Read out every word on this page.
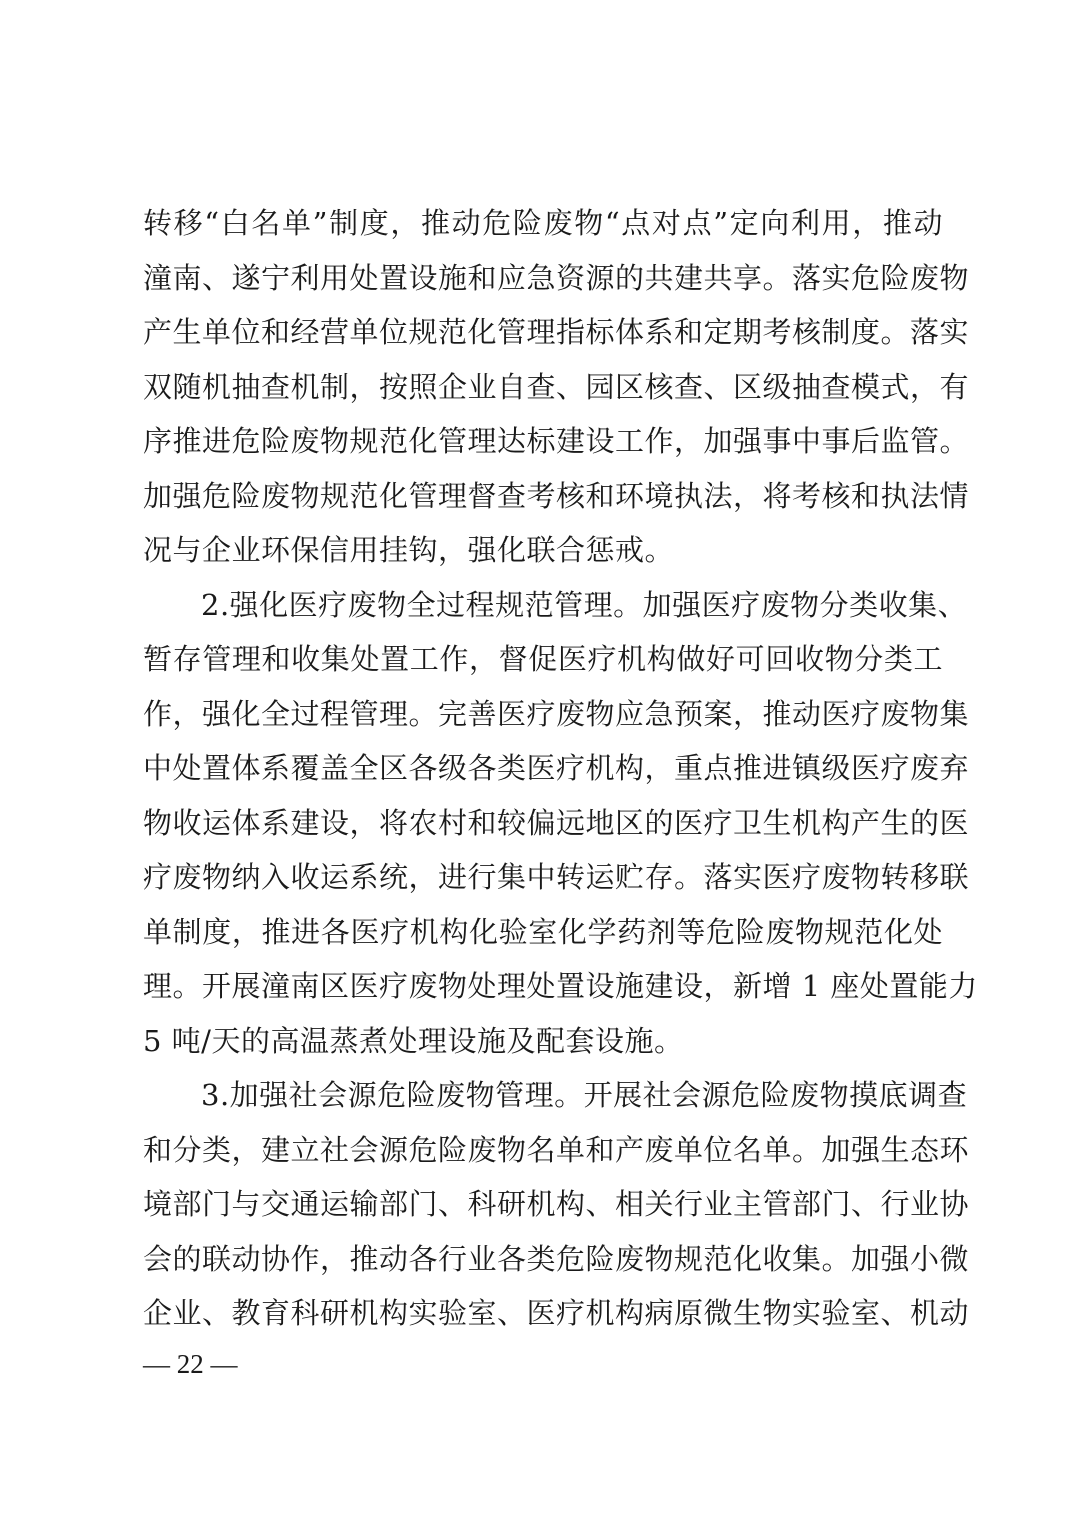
转移“白名单”制度，推动危险废物“点对点”定向利用，推动
潼南、遂宁利用处置设施和应急资源的共建共享。落实危险废物
产生单位和经营单位规范化管理指标体系和定期考核制度。落实
双随机抽查机制，按照企业自查、园区核查、区级抽查模式，有
序推进危险废物规范化管理达标建设工作，加强事中事后监管。
加强危险废物规范化管理督查考核和环境执法，将考核和执法情
况与企业环保信用挂钩，强化联合惩戒。
2.强化医疗废物全过程规范管理。加强医疗废物分类收集、
暂存管理和收集处置工作，督促医疗机构做好可回收物分类工
作，强化全过程管理。完善医疗废物应急预案，推动医疗废物集
中处置体系覆盖全区各级各类医疗机构，重点推进镇级医疗废弃
物收运体系建设，将农村和较偏远地区的医疗卫生机构产生的医
疗废物纳入收运系统，进行集中转运贮存。落实医疗废物转移联
单制度，推进各医疗机构化验室化学药剂等危险废物规范化处
理。开展潼南区医疗废物处理处置设施建设，新增 1 座处置能力
5 吨/天的高温蒸煮处理设施及配套设施。
3.加强社会源危险废物管理。开展社会源危险废物摸底调查
和分类，建立社会源危险废物名单和产废单位名单。加强生态环
境部门与交通运输部门、科研机构、相关行业主管部门、行业协
会的联动协作，推动各行业各类危险废物规范化收集。加强小微
企业、教育科研机构实验室、医疗机构病原微生物实验室、机动
— 22 —
